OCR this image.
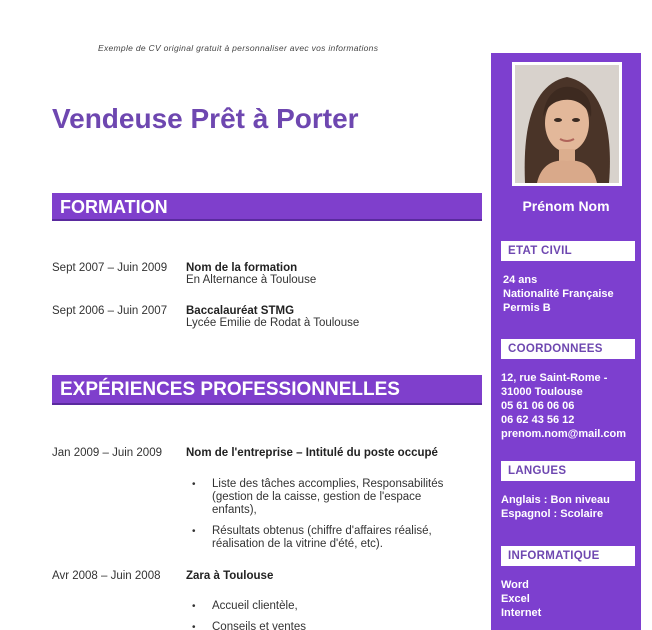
Exemple de CV original gratuit à personnaliser avec vos informations
Vendeuse Prêt à Porter
FORMATION
Sept 2007 – Juin 2009	Nom de la formation
En Alternance à Toulouse
Sept 2006 – Juin 2007	Baccalauréat STMG
Lycée Emilie de Rodat à Toulouse
EXPÉRIENCES PROFESSIONNELLES
Jan 2009 – Juin 2009	Nom de l'entreprise – Intitulé du poste occupé
• Liste des tâches accomplies, Responsabilités (gestion de la caisse, gestion de l'espace enfants),
• Résultats obtenus (chiffre d'affaires réalisé, réalisation de la vitrine d'été, etc).
Avr 2008 – Juin 2008	Zara à Toulouse
• Accueil clientèle,
• Conseils et ventes
Prénom Nom
ETAT CIVIL
24 ans
Nationalité Française
Permis B
COORDONNEES
12, rue Saint-Rome -
31000 Toulouse
05 61 06 06 06
06 62 43 56 12
prenom.nom@mail.com
LANGUES
Anglais : Bon niveau
Espagnol : Scolaire
INFORMATIQUE
Word
Excel
Internet
